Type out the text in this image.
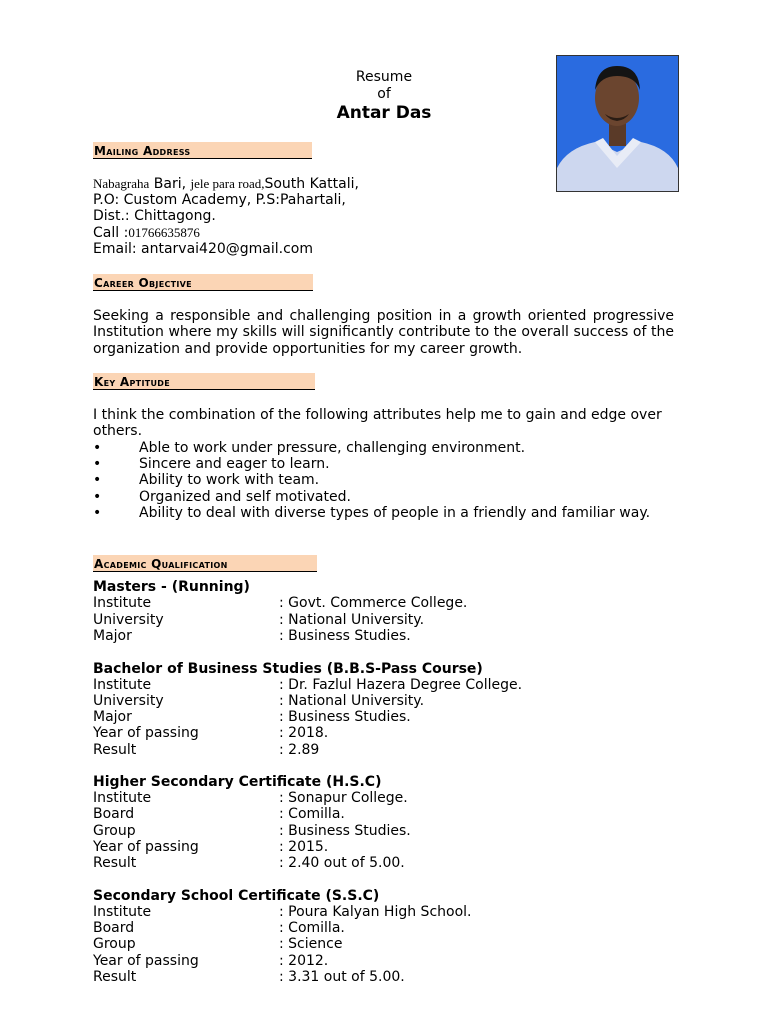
Resume
of
Antar Das
Mailing Address
Nabagraha Bari, jele para road,South Kattali,
P.O: Custom Academy, P.S:Pahartali,
Dist.: Chittagong.
Call :01766635876
Email: antarvai420@gmail.com
Career Objective
Seeking a responsible and challenging position in a growth oriented progressive Institution where my skills will significantly contribute to the overall success of the organization and provide opportunities for my career growth.
Key Aptitude
I think the combination of the following attributes help me to gain and edge over
others.
•	Able to work under pressure, challenging environment.
•	Sincere and eager to learn.
•	Ability to work with team.
•	Organized and self motivated.
•	Ability to deal with diverse types of people in a friendly and familiar way.
Academic Qualification
Masters - (Running)
Institute	: Govt. Commerce College.
University	: National University.
Major	: Business Studies.
Bachelor of Business Studies (B.B.S-Pass Course)
Institute	: Dr. Fazlul Hazera Degree College.
University	: National University.
Major	: Business Studies.
Year of passing	: 2018.
Result	: 2.89
Higher Secondary Certificate (H.S.C)
Institute	: Sonapur College.
Board	: Comilla.
Group	: Business Studies.
Year of passing	: 2015.
Result	: 2.40 out of 5.00.
Secondary School Certificate (S.S.C)
Institute	: Poura Kalyan High School.
Board	: Comilla.
Group	: Science
Year of passing	: 2012.
Result	: 3.31 out of 5.00.
